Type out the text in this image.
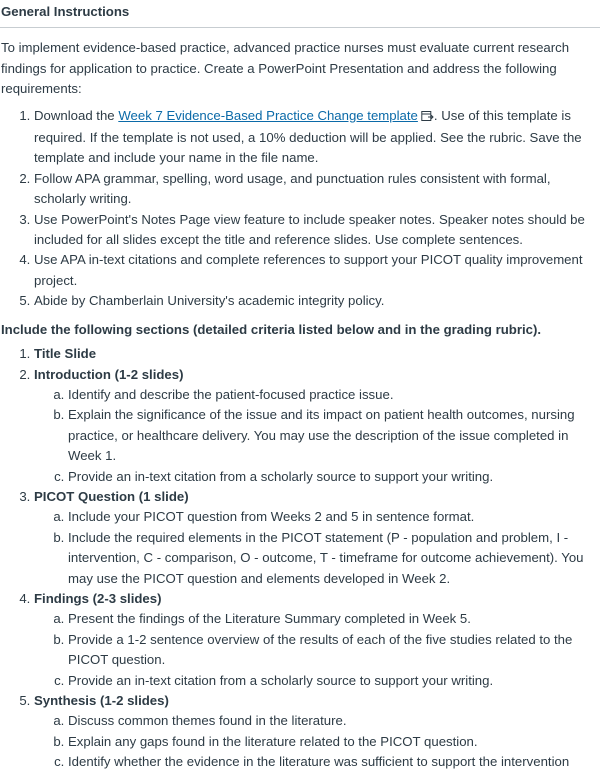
General Instructions

To implement evidence-based practice, advanced practice nurses must evaluate current research findings for application to practice. Create a PowerPoint Presentation and address the following requirements:

1. Download the Week 7 Evidence-Based Practice Change template . Use of this template is required. If the template is not used, a 10% deduction will be applied. See the rubric. Save the template and include your name in the file name.
2. Follow APA grammar, spelling, word usage, and punctuation rules consistent with formal, scholarly writing.
3. Use PowerPoint's Notes Page view feature to include speaker notes. Speaker notes should be included for all slides except the title and reference slides. Use complete sentences.
4. Use APA in-text citations and complete references to support your PICOT quality improvement project.
5. Abide by Chamberlain University's academic integrity policy.
Include the following sections (detailed criteria listed below and in the grading rubric).
1. Title Slide
2. Introduction (1-2 slides)
a. Identify and describe the patient-focused practice issue.
b. Explain the significance of the issue and its impact on patient health outcomes, nursing practice, or healthcare delivery. You may use the description of the issue completed in Week 1.
c. Provide an in-text citation from a scholarly source to support your writing.
3. PICOT Question (1 slide)
a. Include your PICOT question from Weeks 2 and 5 in sentence format.
b. Include the required elements in the PICOT statement (P - population and problem, I - intervention, C - comparison, O - outcome, T - timeframe for outcome achievement). You may use the PICOT question and elements developed in Week 2.
4. Findings (2-3 slides)
a. Present the findings of the Literature Summary completed in Week 5.
b. Provide a 1-2 sentence overview of the results of each of the five studies related to the PICOT question.
c. Provide an in-text citation from a scholarly source to support your writing.
5. Synthesis (1-2 slides)
a. Discuss common themes found in the literature.
b. Explain any gaps found in the literature related to the PICOT question.
c. Identify whether the evidence in the literature was sufficient to support the intervention
